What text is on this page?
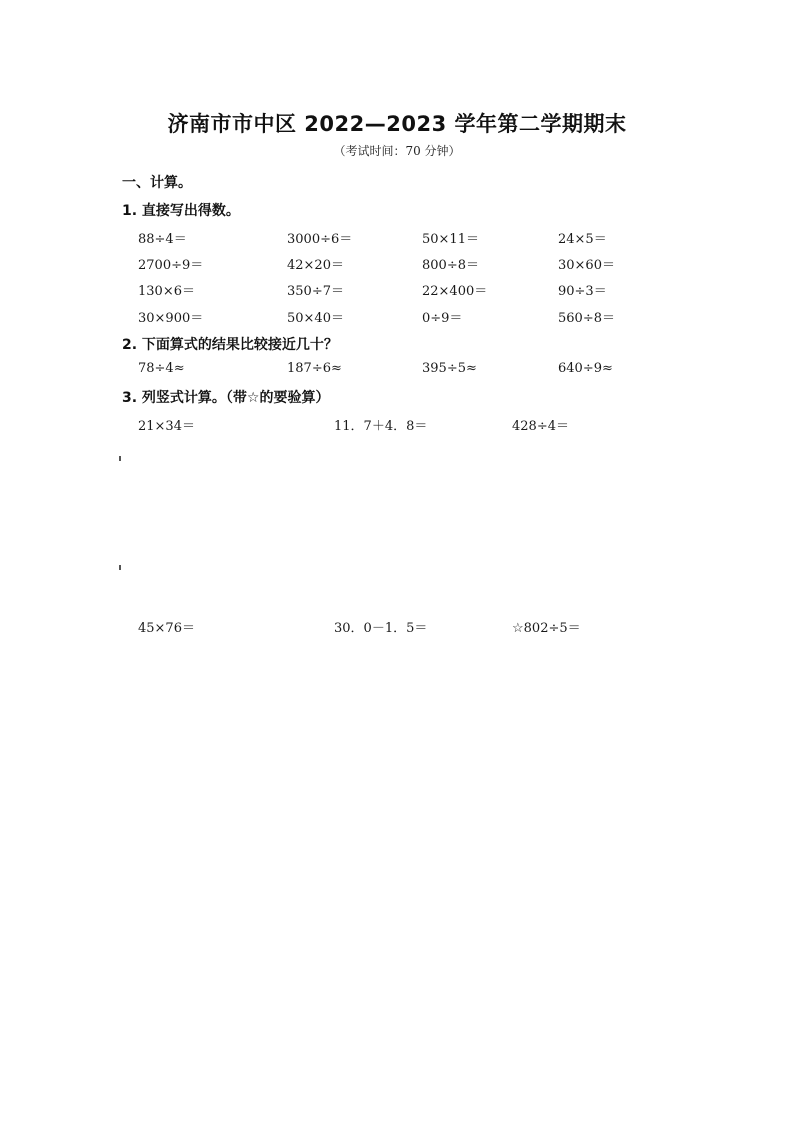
济南市市中区 2022—2023 学年第二学期期末
（考试时间：70 分钟）
一、计算。
1. 直接写出得数。
88÷4＝	3000÷6＝	50×11＝	24×5＝
2700÷9＝	42×20＝	800÷8＝	30×60＝
130×6＝	350÷7＝	22×400＝	90÷3＝
30×900＝	50×40＝	0÷9＝	560÷8＝
2. 下面算式的结果比较接近几十？
78÷4≈	187÷6≈	395÷5≈	640÷9≈
3. 列竖式计算。（带☆的要验算）
21×34＝	11．7＋4．8＝	428÷4＝
45×76＝	30．0－1．5＝	☆802÷5＝
